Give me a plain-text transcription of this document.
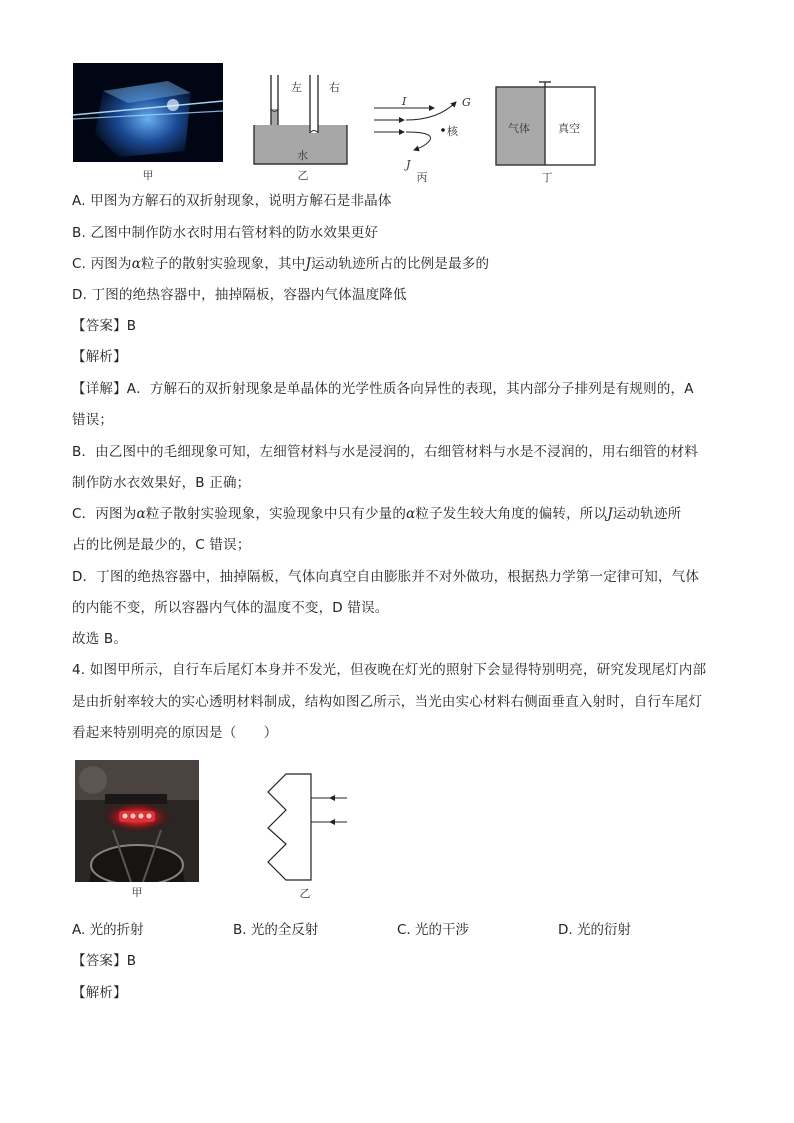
甲
左 右
水
乙
I	G
核
J
丙
气体	真空
丁
A. 甲图为方解石的双折射现象，说明方解石是非晶体
B. 乙图中制作防水衣时用右管材料的防水效果更好
C. 丙图为α粒子的散射实验现象，其中J运动轨迹所占的比例是最多的
D. 丁图的绝热容器中，抽掉隔板，容器内气体温度降低
【答案】B
【解析】
【详解】A．方解石的双折射现象是单晶体的光学性质各向异性的表现，其内部分子排列是有规则的，A
错误；
B．由乙图中的毛细现象可知，左细管材料与水是浸润的，右细管材料与水是不浸润的，用右细管的材料
制作防水衣效果好，B 正确；
C．丙图为α粒子散射实验现象，实验现象中只有少量的α粒子发生较大角度的偏转，所以J运动轨迹所
占的比例是最少的，C 错误；
D．丁图的绝热容器中，抽掉隔板，气体向真空自由膨胀并不对外做功，根据热力学第一定律可知，气体
的内能不变，所以容器内气体的温度不变，D 错误。
故选 B。
4. 如图甲所示，自行车后尾灯本身并不发光，但夜晚在灯光的照射下会显得特别明亮，研究发现尾灯内部
是由折射率较大的实心透明材料制成，结构如图乙所示，当光由实心材料右侧面垂直入射时，自行车尾灯
看起来特别明亮的原因是（　　）
甲	乙
A. 光的折射	B. 光的全反射	C. 光的干涉	D. 光的衍射
【答案】B
【解析】
